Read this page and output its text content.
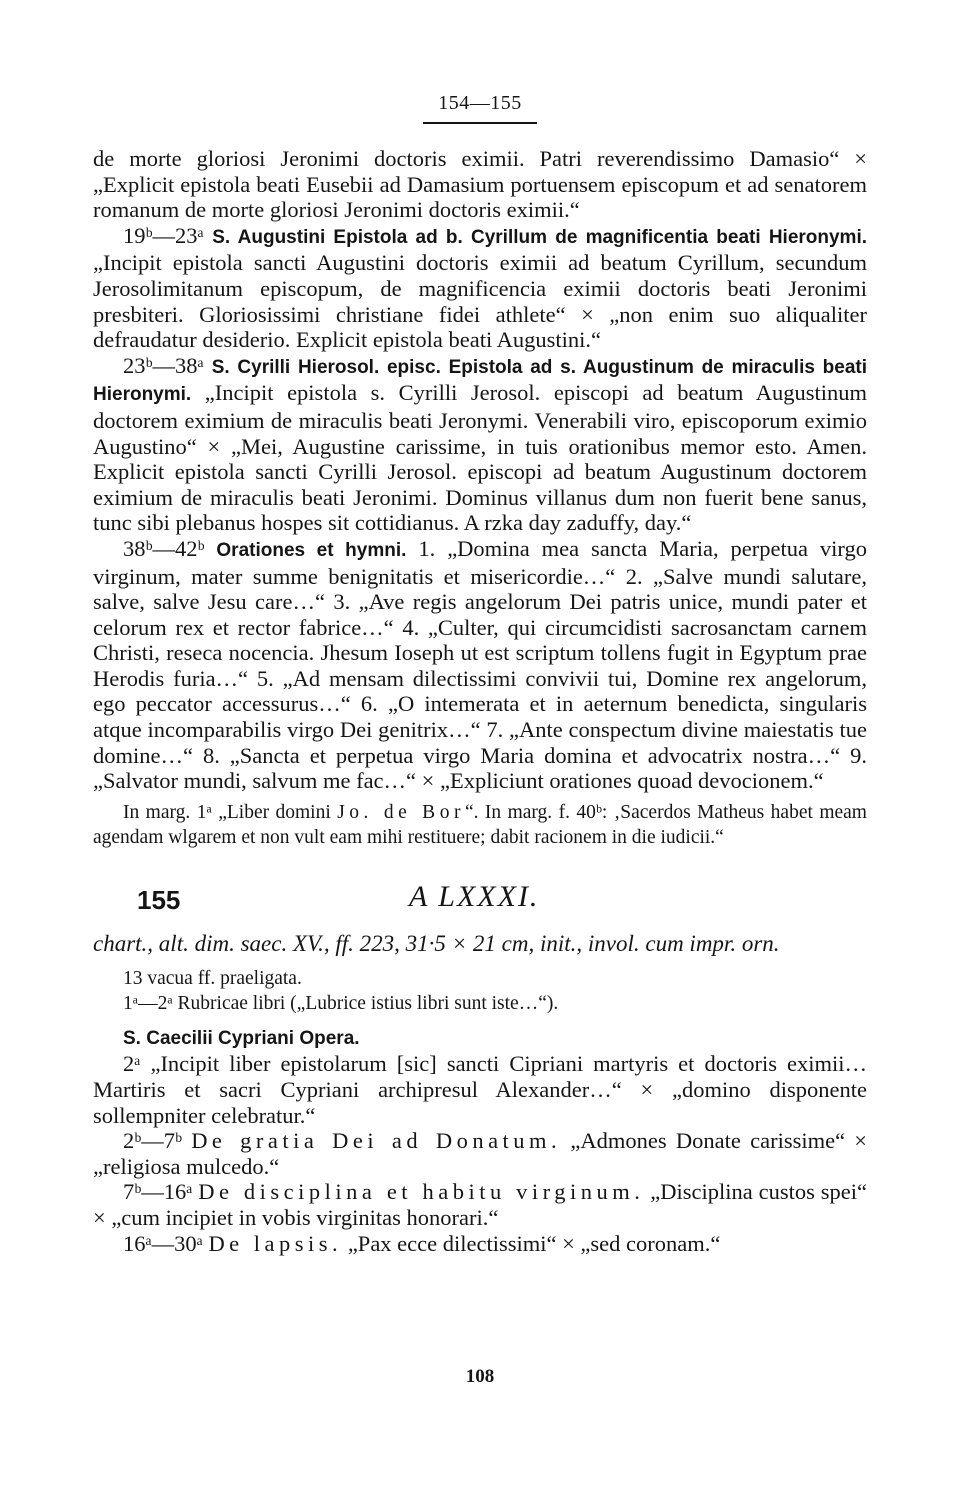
154—155

de morte gloriosi Jeronimi doctoris eximii. Patri reverendissimo Damasio“ × „Explicit epistola beati Eusebii ad Damasium portuensem episcopum et ad senatorem romanum de morte gloriosi Jeronimi doctoris eximii.“

19ᵇ—23ᵃ S. Augustini Epistola ad b. Cyrillum de magnificentia beati Hieronymi. „Incipit epistola sancti Augustini doctoris eximii ad beatum Cyrillum, secundum Jerosolimitanum episcopum, de magnificencia eximii doctoris beati Jeronimi presbiteri. Gloriosissimi christiane fidei athlete“ × „non enim suo aliqualiter defraudatur desiderio. Explicit epistola beati Augustini.“

23ᵇ—38ᵃ S. Cyrilli Hierosol. episc. Epistola ad s. Augustinum de miraculis beati Hieronymi. „Incipit epistola s. Cyrilli Jerosol. episcopi ad beatum Augustinum doctorem eximium de miraculis beati Jeronymi. Venerabili viro, episcoporum eximio Augustino“ × „Mei, Augustine carissime, in tuis orationibus memor esto. Amen. Explicit epistola sancti Cyrilli Jerosol. episcopi ad beatum Augustinum doctorem eximium de miraculis beati Jeronimi. Dominus villanus dum non fuerit bene sanus, tunc sibi plebanus hospes sit cottidianus. A rzka day zaduffy, day.“

38ᵇ—42ᵇ Orationes et hymni. 1. „Domina mea sancta Maria, perpetua virgo virginum, mater summe benignitatis et misericordie…“ 2. „Salve mundi salutare, salve, salve Jesu care…“ 3. „Ave regis angelorum Dei patris unice, mundi pater et celorum rex et rector fabrice…“ 4. „Culter, qui circumcidisti sacrosanctam carnem Christi, reseca nocencia. Jhesum Ioseph ut est scriptum tollens fugit in Egyptum prae Herodis furia…“ 5. „Ad mensam dilectissimi convivii tui, Domine rex angelorum, ego peccator accessurus…“ 6. „O intemerata et in aeternum benedicta, singularis atque incomparabilis virgo Dei genitrix…“ 7. „Ante conspectum divine maiestatis tue domine…“ 8. „Sancta et perpetua virgo Maria domina et advocatrix nostra…“ 9. „Salvator mundi, salvum me fac…“ × „Expliciunt orationes quoad devocionem.“

In marg. 1ᵃ „Liber domini Jo. de Bor“. In marg. f. 40ᵇ: ‚Sacerdos Matheus habet meam agendam wlgarem et non vult eam mihi restituere; dabit racionem in die iudicii.“

155	A LXXXI.

chart., alt. dim. saec. XV., ff. 223, 31·5 × 21 cm, init., invol. cum impr. orn.

13 vacua ff. praeligata.

1ᵃ—2ᵃ Rubricae libri („Lubrice istius libri sunt iste…“).

S. Caecilii Cypriani Opera.

2ᵃ „Incipit liber epistolarum [sic] sancti Cipriani martyris et doctoris eximii… Martiris et sacri Cypriani archipresul Alexander…“ × „domino disponente sollempniter celebratur.“

2ᵇ—7ᵇ De gratia Dei ad Donatum. „Admones Donate carissime“ × „religiosa mulcedo.“

7ᵇ—16ᵃ De disciplina et habitu virginum. „Disciplina custos spei“ × „cum incipiet in vobis virginitas honorari.“

16ᵃ—30ᵃ De lapsis. „Pax ecce dilectissimi“ × „sed coronam.“

108
